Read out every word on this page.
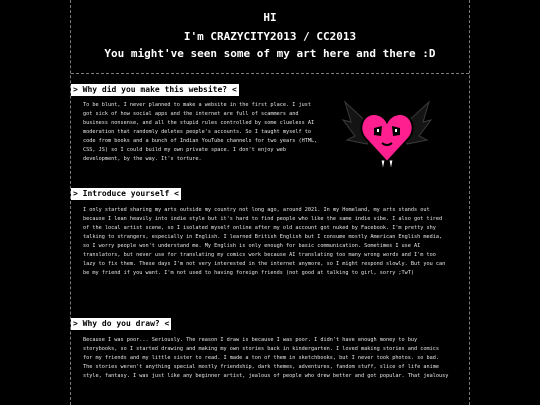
HI
I'm CRAZYCITY2013 / CC2013
You might've seen some of my art here and there :D
> Why did you make this website? <
To be blunt, I never planned to make a website in the first place. I just
got sick of how social apps and the internet are full of scammers and
business nonsense, and all the stupid rules controlled by some clueless AI
moderation that randomly deletes people's accounts. So I taught myself to
code from books and a bunch of Indian YouTube channels for two years (HTML,
CSS, JS) so I could build my own private space. I don't enjoy web
development, by the way. It's torture.
> Introduce yourself <
I only started sharing my arts outside my country not long ago, around 2021. In my Homeland, my arts stands out
because I lean heavily into indie style but it's hard to find people who like the same indie vibe. I also got tired
of the local artist scene, so I isolated myself online after my old account got nuked by Facebook. I'm pretty shy
talking to strangers, especially in English. I learned British English but I consume mostly American English media,
so I worry people won't understand me. My English is only enough for basic communication. Sometimes I use AI
translators, but never use for translating my comics work because AI translating too many wrong words and I'm too
lazy to fix them. These days I'm not very interested in the internet anymore, so I might respond slowly. But you can
be my friend if you want. I'm not used to having foreign friends (not good at talking to girl, sorry ;TwT)
> Why do you draw? <
Because I was poor... Seriously. The reason I draw is because I was poor. I didn't have enough money to buy
storybooks, so I started drawing and making my own stories back in kindergarten. I loved making stories and comics
for my friends and my little sister to read. I made a ton of them in sketchbooks, but I never took photos. so bad.
The stories weren't anything special mostly friendship, dark themes, adventures, fandom stuff, slice of life anime
style, fantasy. I was just like any beginner artist, jealous of people who drew better and got popular. That jealousy
